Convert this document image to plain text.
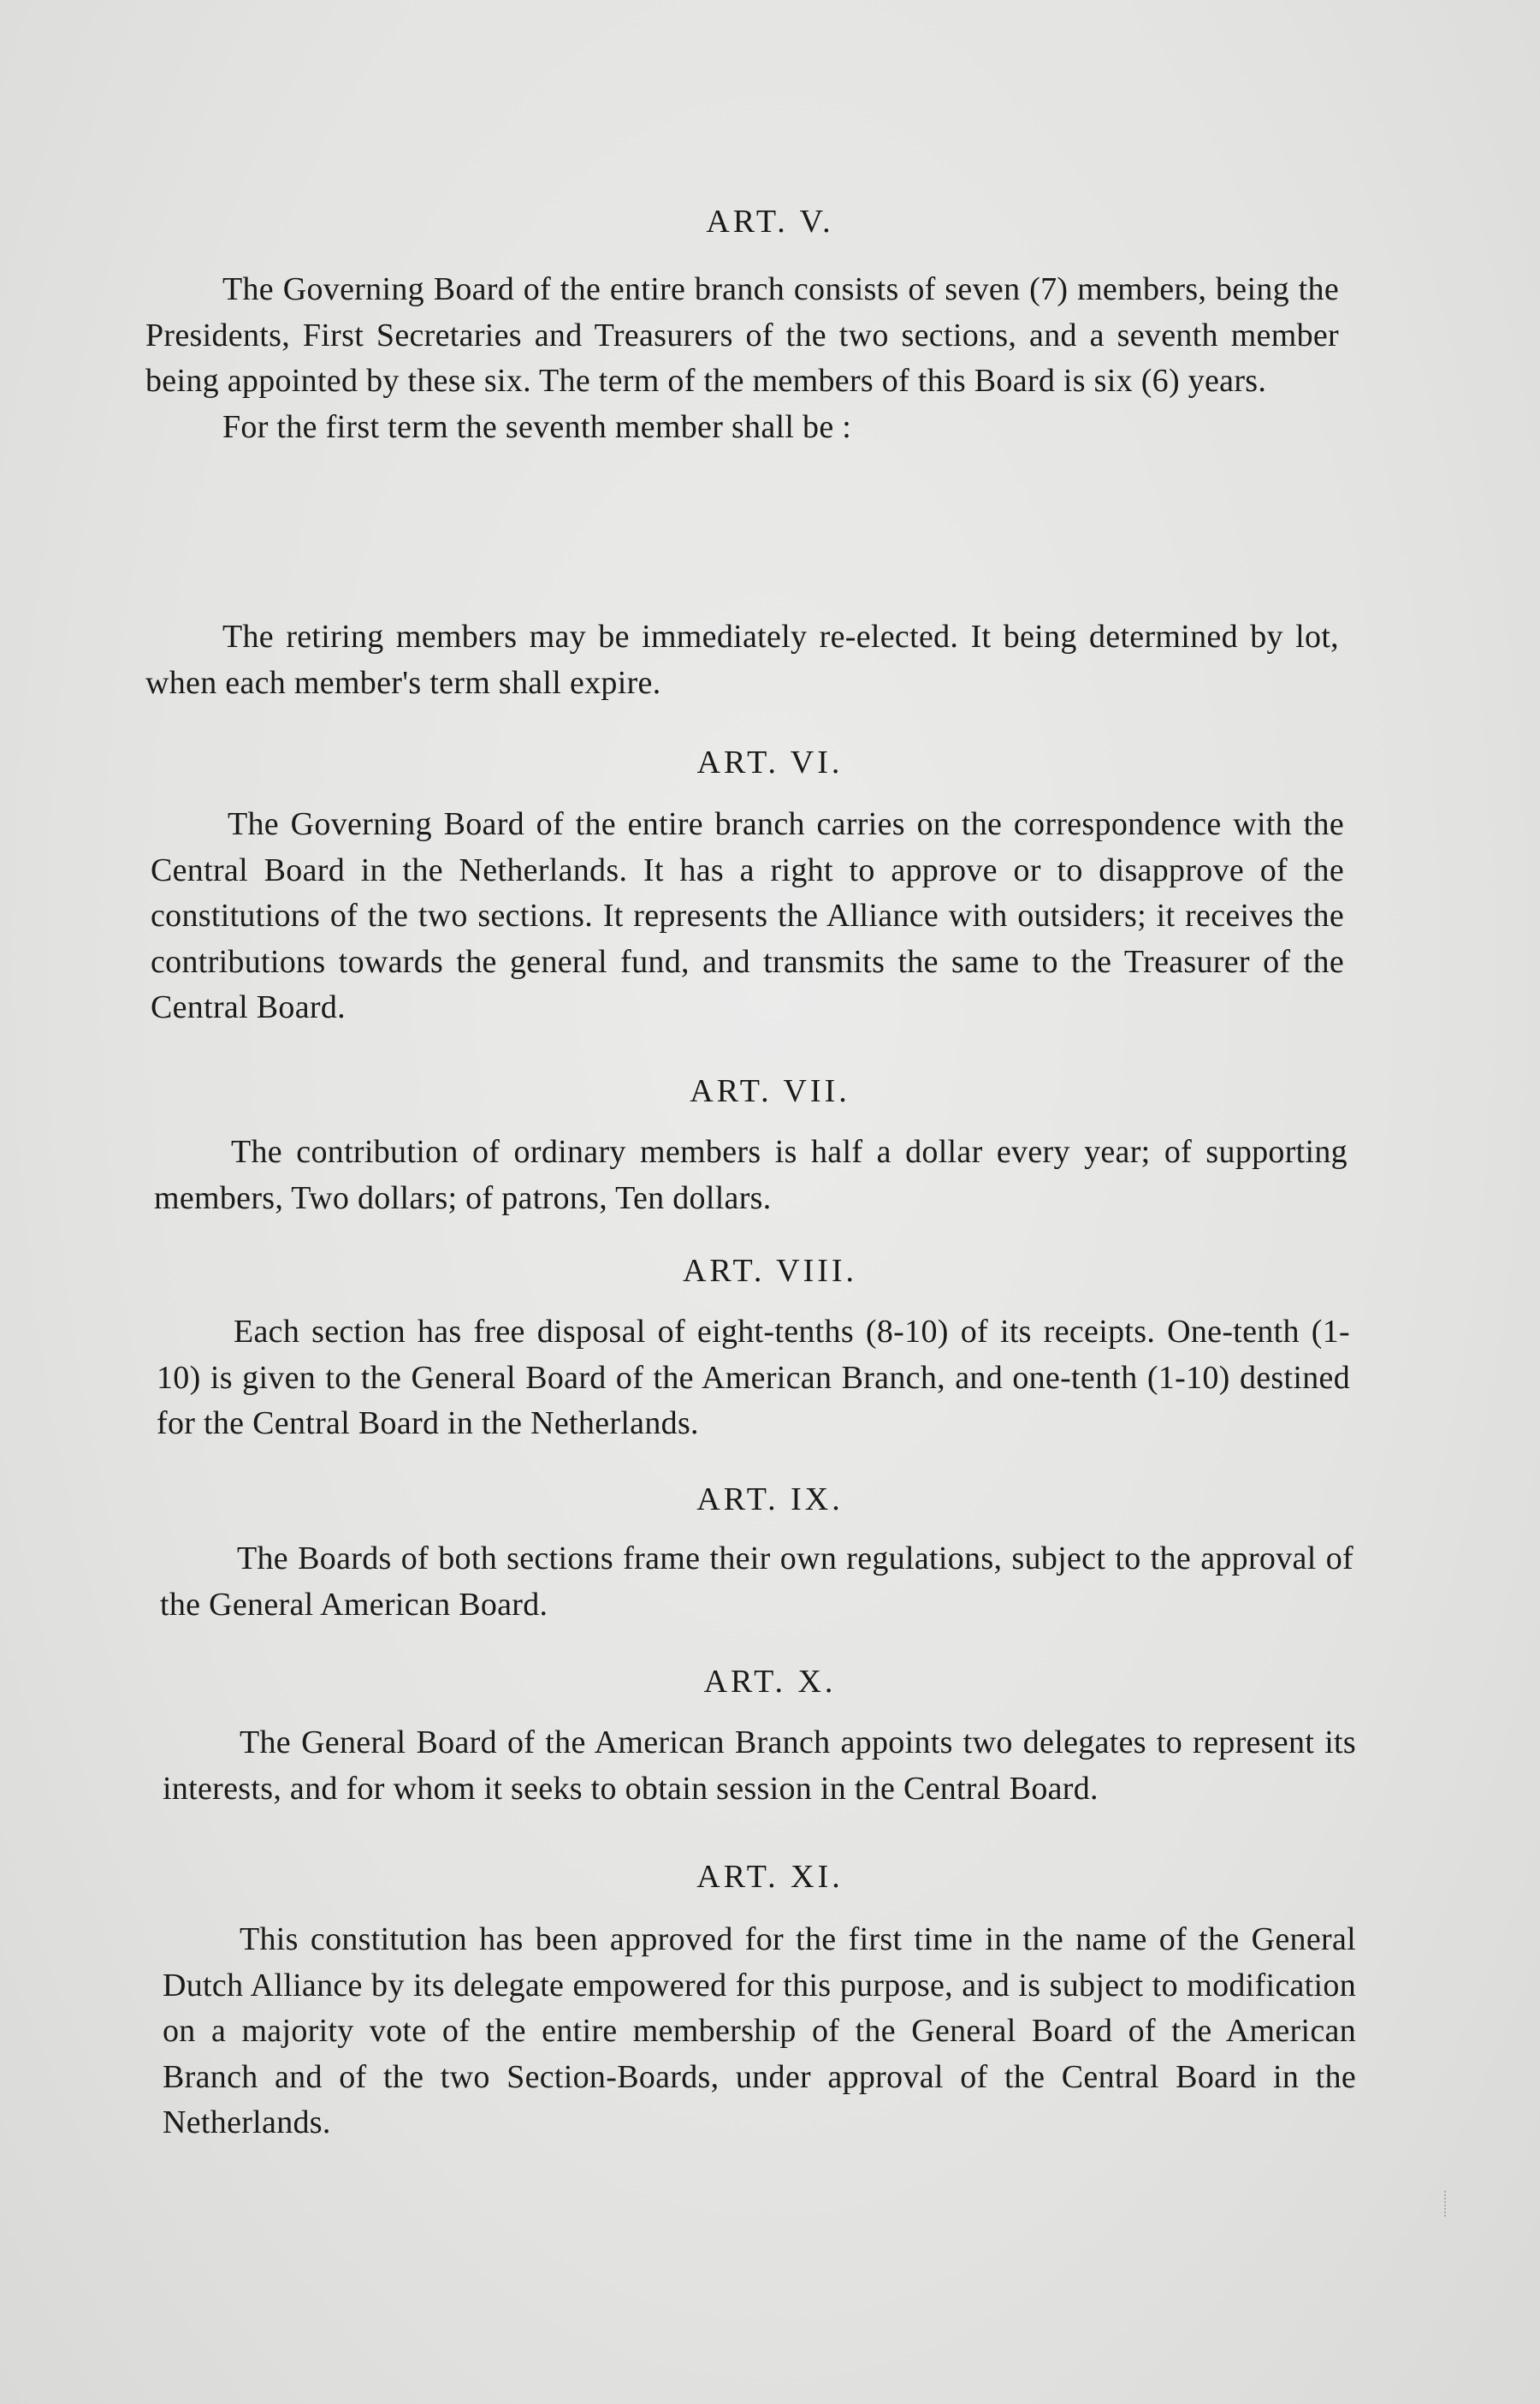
ART. V.

The Governing Board of the entire branch consists of seven (7) members, being the Presidents, First Secretaries and Treasurers of the two sections, and a seventh member being appointed by these six. The term of the members of this Board is six (6) years.

For the first term the seventh member shall be :

The retiring members may be immediately re-elected. It being determined by lot, when each member's term shall expire.

ART. VI.

The Governing Board of the entire branch carries on the correspondence with the Central Board in the Netherlands. It has a right to approve or to disapprove of the constitutions of the two sections. It represents the Alliance with outsiders; it receives the contributions towards the general fund, and transmits the same to the Treasurer of the Central Board.

ART. VII.

The contribution of ordinary members is half a dollar every year; of supporting members, Two dollars; of patrons, Ten dollars.

ART. VIII.

Each section has free disposal of eight-tenths (8-10) of its receipts. One-tenth (1-10) is given to the General Board of the American Branch, and one-tenth (1-10) destined for the Central Board in the Netherlands.

ART. IX.

The Boards of both sections frame their own regulations, subject to the approval of the General American Board.

ART. X.

The General Board of the American Branch appoints two delegates to represent its interests, and for whom it seeks to obtain session in the Central Board.

ART. XI.

This constitution has been approved for the first time in the name of the General Dutch Alliance by its delegate empowered for this purpose, and is subject to modification on a majority vote of the entire membership of the General Board of the American Branch and of the two Section-Boards, under approval of the Central Board in the Netherlands.
